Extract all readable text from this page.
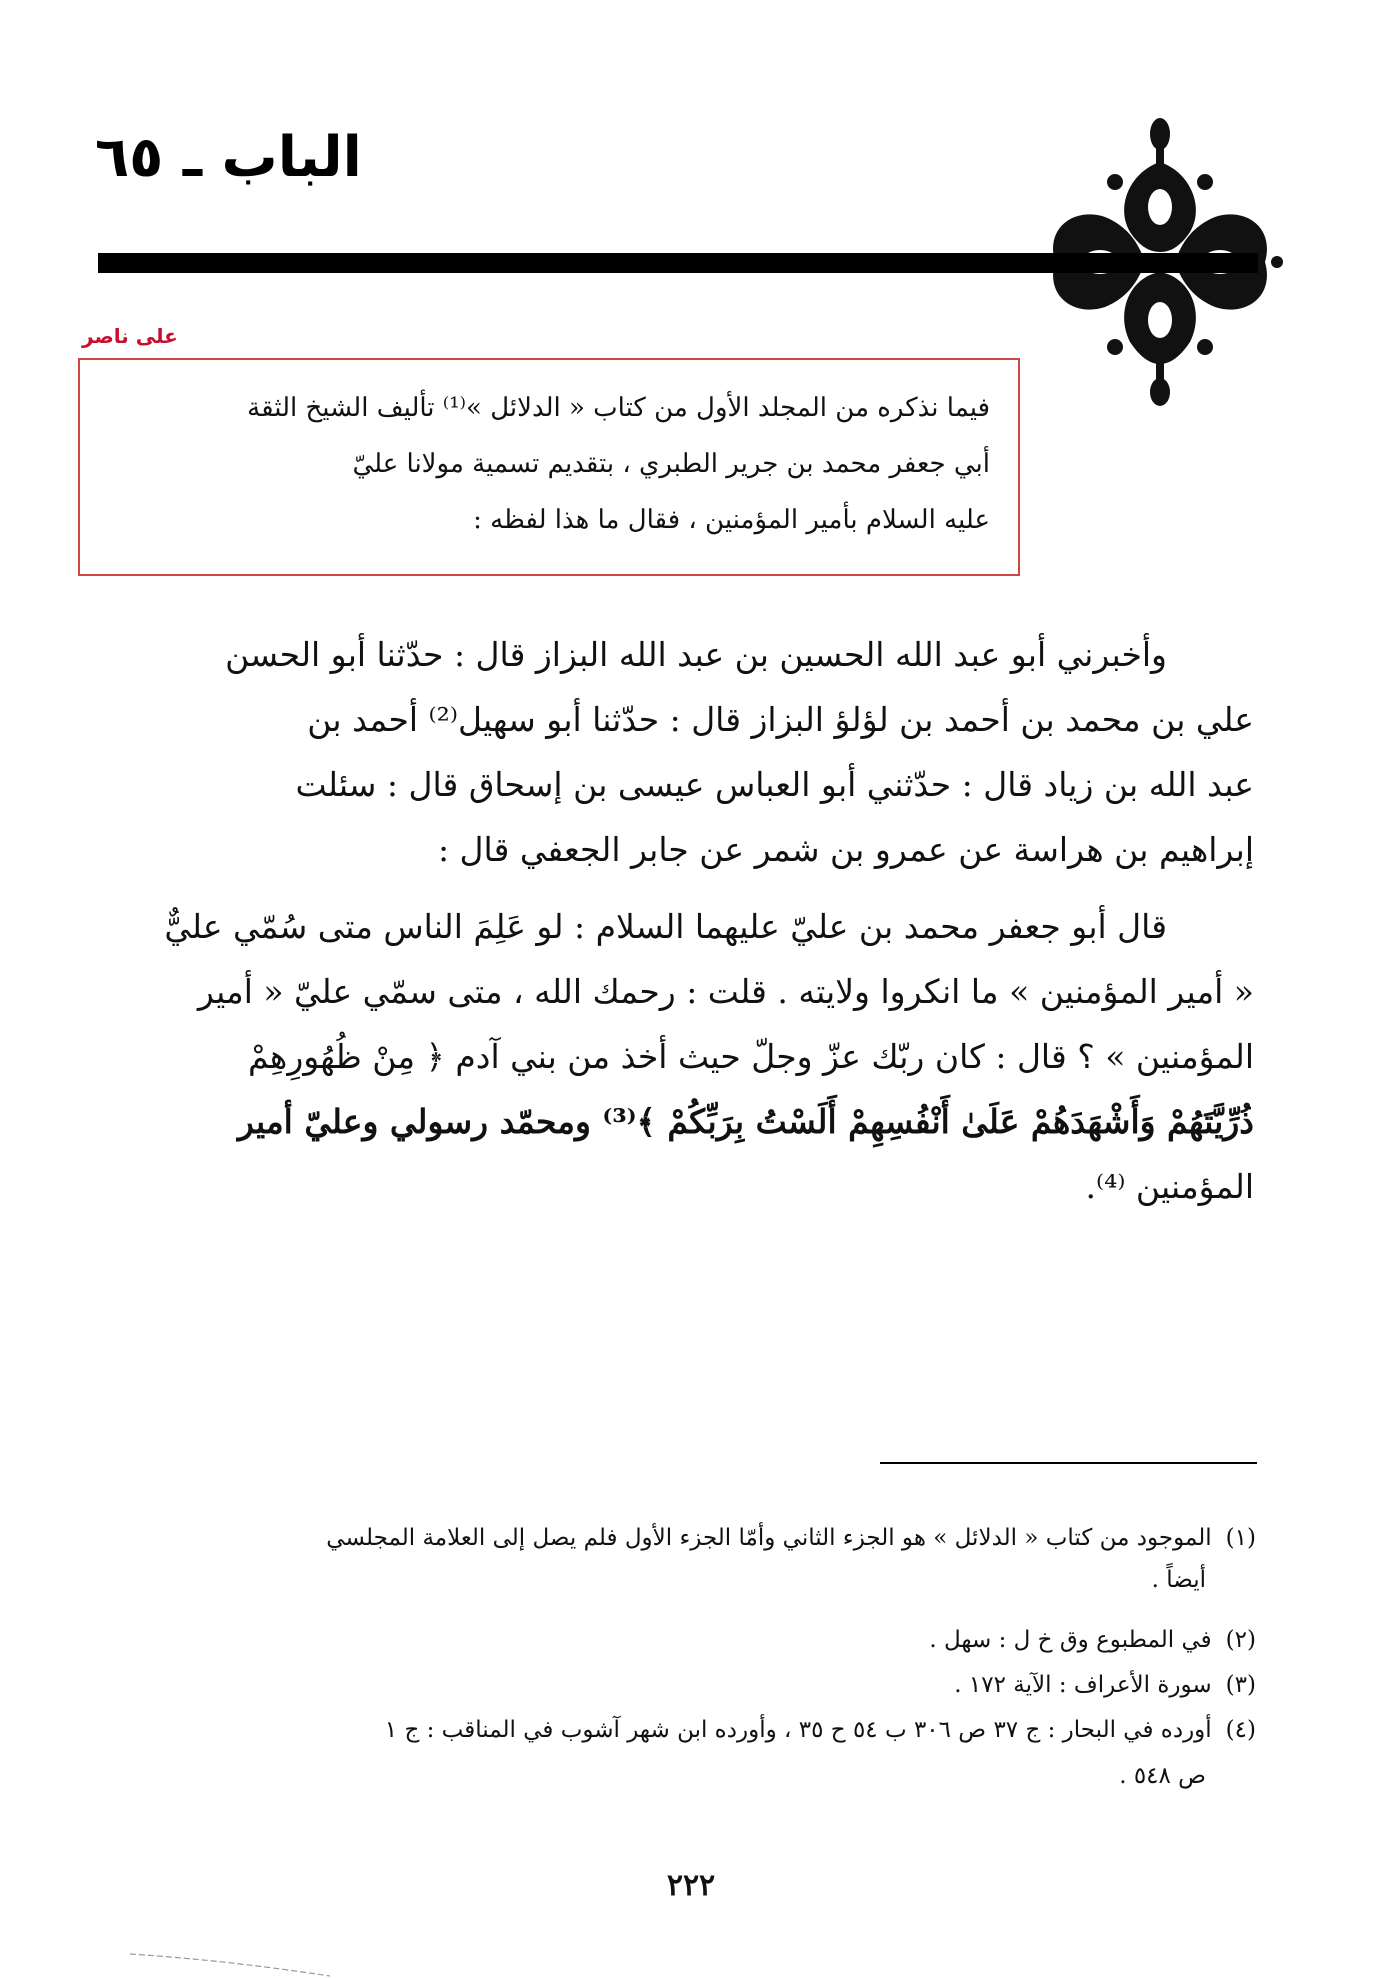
الباب ـ ٦٥
على ناصر
فيما نذكره من المجلد الأول من كتاب « الدلائل »⁽¹⁾ تأليف الشيخ الثقة
أبي جعفر محمد بن جرير الطبري ، بتقديم تسمية مولانا عليّ
عليه السلام بأمير المؤمنين ، فقال ما هذا لفظه :
وأخبرني أبو عبد الله الحسين بن عبد الله البزاز قال : حدّثنا أبو الحسن
علي بن محمد بن أحمد بن لؤلؤ البزاز قال : حدّثنا أبو سهيل⁽²⁾ أحمد بن
عبد الله بن زياد قال : حدّثني أبو العباس عيسى بن إسحاق قال : سئلت
إبراهيم بن هراسة عن عمرو بن شمر عن جابر الجعفي قال :
قال أبو جعفر محمد بن عليّ عليهما السلام : لو عَلِمَ الناس متى سُمّي عليٌّ
« أمير المؤمنين » ما انكروا ولايته . قلت : رحمك الله ، متى سمّي عليّ « أمير
المؤمنين » ؟ قال : كان ربّك عزّ وجلّ حيث أخذ من بني آدم ﴿ مِنْ ظُهُورِهِمْ
ذُرِّيَّتَهُمْ وَأَشْهَدَهُمْ عَلَىٰ أَنْفُسِهِمْ أَلَسْتُ بِرَبِّكُمْ ﴾⁽³⁾ ومحمّد رسولي وعليّ أمير
المؤمنين ⁽⁴⁾.
(١)الموجود من كتاب « الدلائل » هو الجزء الثاني وأمّا الجزء الأول فلم يصل إلى العلامة المجلسي
أيضاً .
(٢)في المطبوع وق خ ل : سهل .
(٣)سورة الأعراف : الآية ١٧٢ .
(٤)أورده في البحار : ج ٣٧ ص ٣٠٦ ب ٥٤ ح ٣٥ ، وأورده ابن شهر آشوب في المناقب : ج ١
ص ٥٤٨ .
٢٢٢
